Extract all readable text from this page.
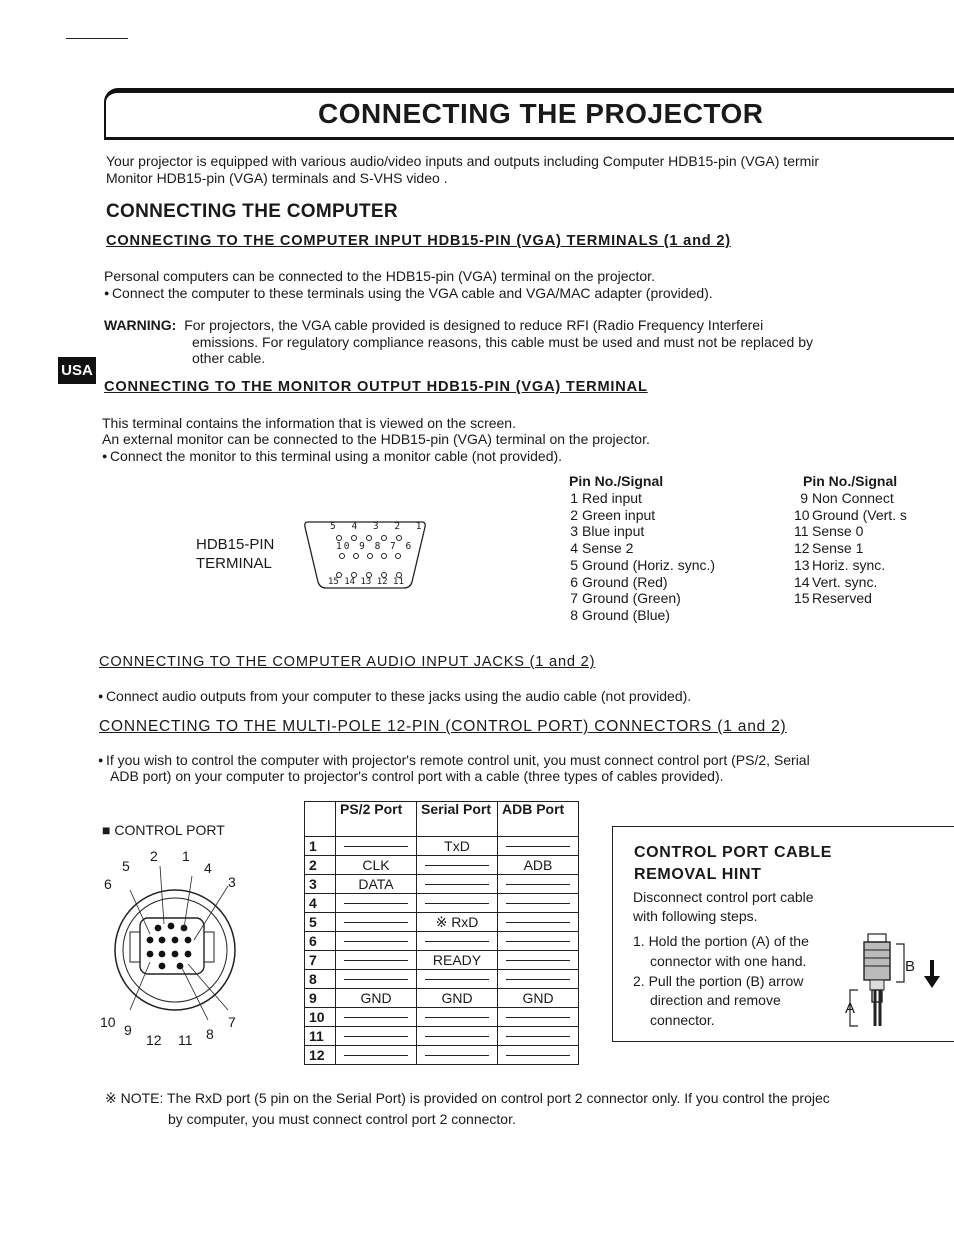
CONNECTING THE PROJECTOR
Your projector is equipped with various audio/video inputs and outputs including Computer HDB15-pin (VGA) termir
Monitor HDB15-pin (VGA) terminals and S-VHS video .
CONNECTING THE COMPUTER
CONNECTING TO THE COMPUTER INPUT HDB15-PIN (VGA) TERMINALS (1 and 2)
Personal computers can be connected to the HDB15-pin (VGA) terminal on the projector.
● Connect the computer to these terminals using the VGA cable and VGA/MAC adapter (provided).
WARNING: For projectors, the VGA cable provided is designed to reduce RFI (Radio Frequency Interferei
emissions. For regulatory compliance reasons, this cable must be used and must not be replaced by
other cable.
USA
CONNECTING TO THE MONITOR OUTPUT HDB15-PIN (VGA) TERMINAL
This terminal contains the information that is viewed on the screen.
An external monitor can be connected to the HDB15-pin (VGA) terminal on the projector.
● Connect the monitor to this terminal using a monitor cable (not provided).
HDB15-PIN
TERMINAL
5 4 3 2 1
10 9 8 7 6
15 14 13 12 11
Pin No./Signal
1 Red input
2 Green input
3 Blue input
4 Sense 2
5 Ground (Horiz. sync.)
6 Ground (Red)
7 Ground (Green)
8 Ground (Blue)
Pin No./Signal
9 Non Connect
10 Ground (Vert. s
11 Sense 0
12 Sense 1
13 Horiz. sync.
14 Vert. sync.
15 Reserved
CONNECTING TO THE COMPUTER AUDIO INPUT JACKS (1 and 2)
● Connect audio outputs from your computer to these jacks using the audio cable (not provided).
CONNECTING TO THE MULTI-POLE 12-PIN (CONTROL PORT) CONNECTORS (1 and 2)
● If you wish to control the computer with projector's remote control unit, you must connect control port (PS/2, Serial
ADB port) on your computer to projector's control port with a cable (three types of cables provided).
■ CONTROL PORT
1
2
3
4
5
6
7
8
9
10
11
12
	PS/2 Port	Serial Port	ADB Port
1		TxD	

2	CLK		ADB
3	DATA	

4	

5		※ RxD	

6	

7		READY	

8	

9	GND	GND	GND
10	

11	

12	

CONTROL PORT CABLE
REMOVAL HINT
Disconnect control port cable
with following steps.
1. Hold the portion (A) of the
connector with one hand.
2. Pull the portion (B) arrow
direction and remove
connector.
B
A
※ NOTE: The RxD port (5 pin on the Serial Port) is provided on control port 2 connector only. If you control the projec
by computer, you must connect control port 2 connector.
